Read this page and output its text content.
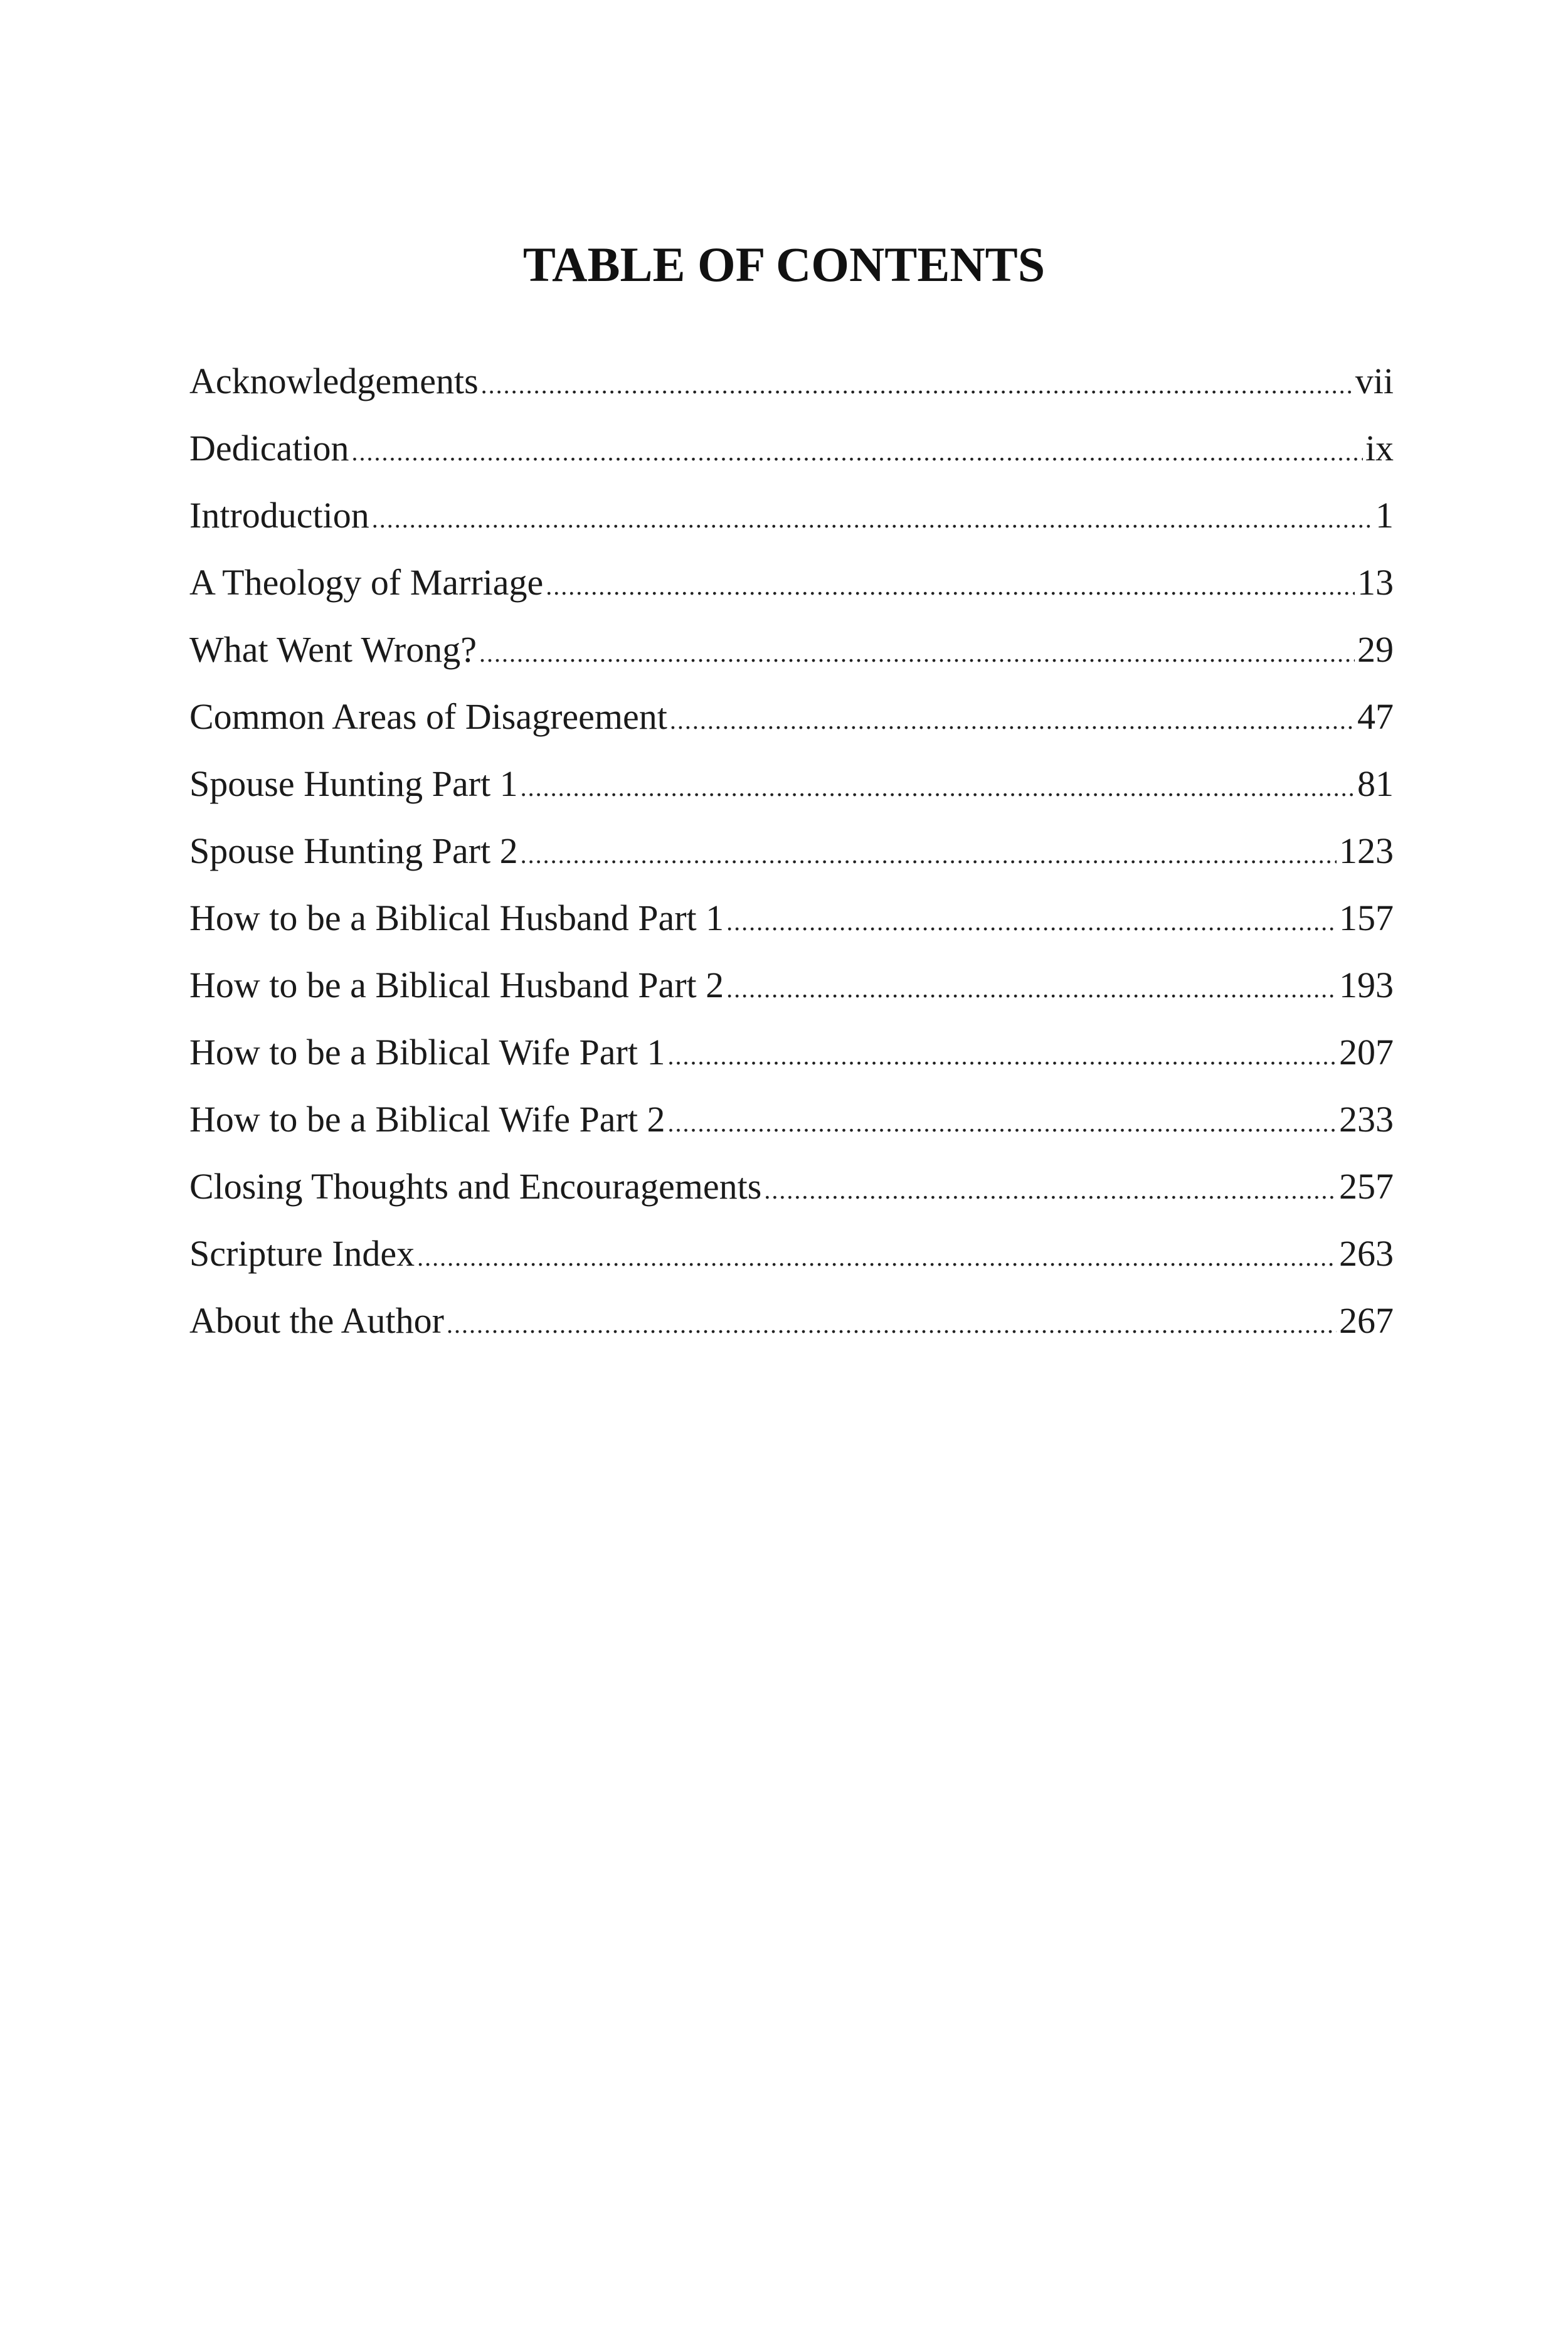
TABLE OF CONTENTS
Acknowledgements .....	vii
Dedication .....	ix
Introduction .....	1
A Theology of Marriage .....	13
What Went Wrong? .....	29
Common Areas of Disagreement .....	47
Spouse Hunting Part 1 .....	81
Spouse Hunting Part 2 .....	123
How to be a Biblical Husband Part 1 .....	157
How to be a Biblical Husband Part 2 .....	193
How to be a Biblical Wife Part 1 .....	207
How to be a Biblical Wife Part 2 .....	233
Closing Thoughts and Encouragements .....	257
Scripture Index .....	263
About the Author .....	267
